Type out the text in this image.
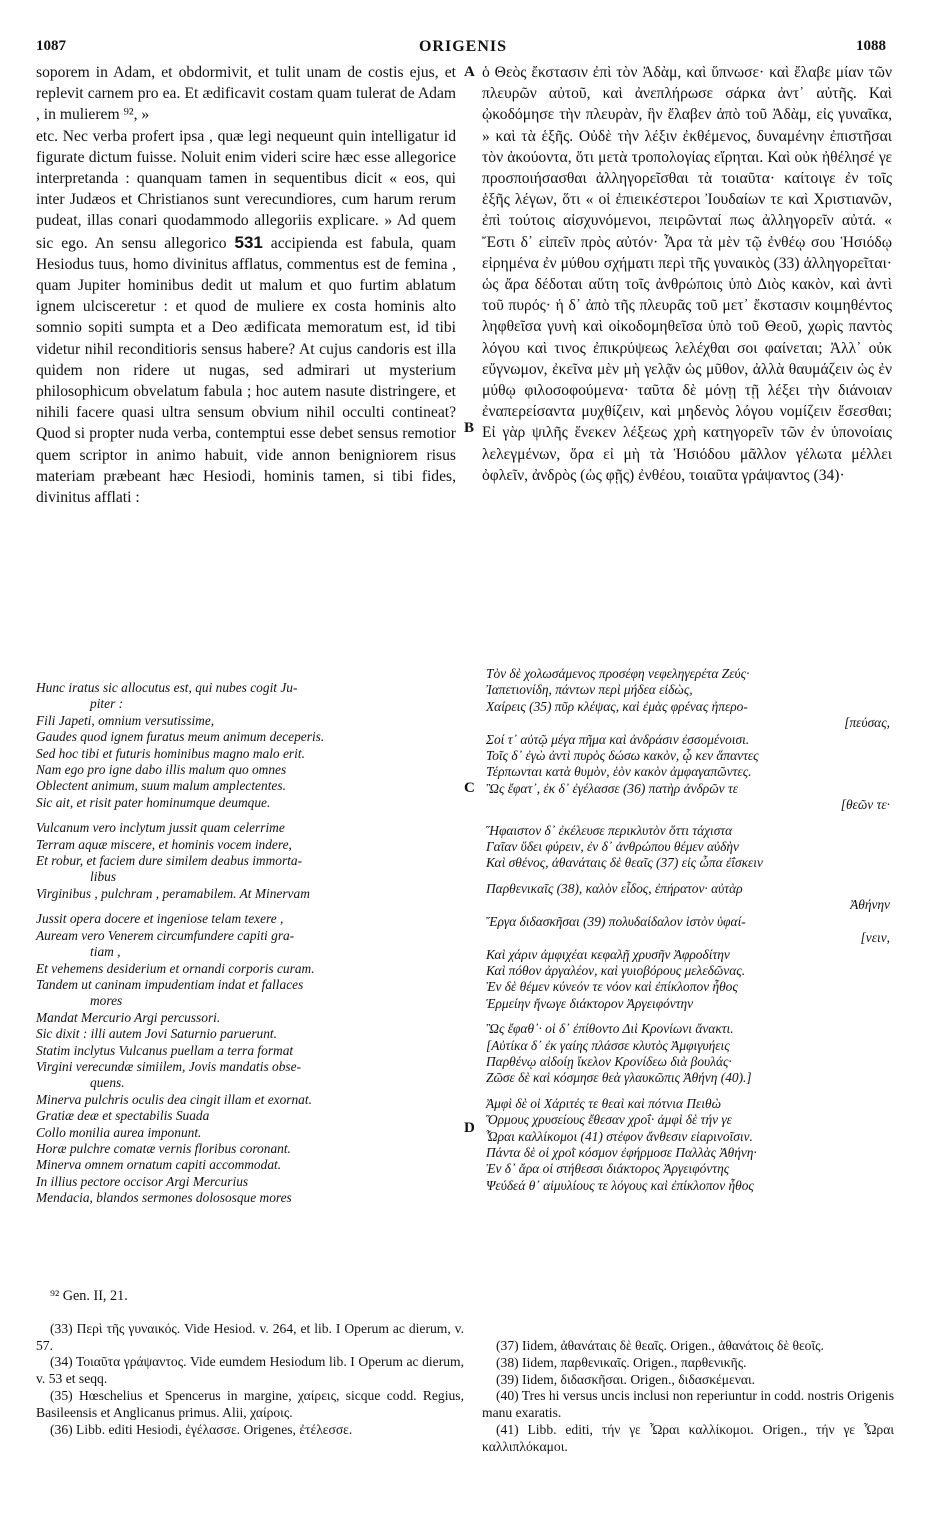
1087	ORIGENIS	1088

soporem in Adam, et obdormivit, et tulit unam de costis ejus, et replevit carnem pro ea. Et ædificavit costam quam tulerat de Adam , in mulierem ⁹², »

etc. Nec verba profert ipsa , quæ legi nequeunt quin intelligatur id figurate dictum fuisse. Noluit enim videri scire hæc esse allegorice interpretanda : quanquam tamen in sequentibus dicit « eos, qui inter Judæos et Christianos sunt verecundiores, cum harum rerum pudeat, illas conari quodammodo allegoriis explicare. » Ad quem sic ego. An sensu allegorico 531 accipienda est fabula, quam Hesiodus tuus, homo divinitus afflatus, commentus est de femina , quam Jupiter hominibus dedit ut malum et quo furtim ablatum ignem ulcisceretur : et quod de muliere ex costa hominis alto somnio sopiti sumpta et a Deo ædificata memoratum est, id tibi videtur nihil reconditioris sensus habere? At cujus candoris est illa quidem non ridere ut nugas, sed admirari ut mysterium philosophicum obvelatum fabula ; hoc autem nasute distringere, et nihili facere quasi ultra sensum obvium nihil occulti contineat? Quod si propter nuda verba, contemptui esse debet sensus remotior quem scriptor in animo habuit, vide annon benigniorem risus materiam præbeant hæc Hesiodi, hominis tamen, si tibi fides, divinitus afflati :

ὁ Θεὸς ἔκστασιν ἐπὶ τὸν Ἀδὰμ, καὶ ὕπνωσε· καὶ ἔλαβε μίαν τῶν πλευρῶν αὐτοῦ, καὶ ἀνεπλήρωσε σάρκα ἀντ᾽ αὐτῆς. Καὶ ᾠκοδόμησε τὴν πλευρὰν, ἣν ἔλαβεν ἀπὸ τοῦ Ἀδὰμ, εἰς γυναῖκα, » καὶ τὰ ἑξῆς. Οὐδὲ τὴν λέξιν ἐκθέμενος, δυναμένην ἐπιστῆσαι τὸν ἀκούοντα, ὅτι μετὰ τροπολογίας εἴρηται. Καὶ οὐκ ἠθέλησέ γε προσποιήσασθαι ἀλληγορεῖσθαι τὰ τοιαῦτα· καίτοιγε ἐν τοῖς ἑξῆς λέγων, ὅτι « οἱ ἐπιεικέστεροι Ἰουδαίων τε καὶ Χριστιανῶν, ἐπὶ τούτοις αἰσχυνόμενοι, πειρῶνταί πως ἀλληγορεῖν αὐτά. « Ἔστι δ᾽ εἰπεῖν πρὸς αὐτόν· Ἆρα τὰ μὲν τῷ ἐνθέῳ σου Ἡσιόδῳ εἰρημένα ἐν μύθου σχήματι περὶ τῆς γυναικὸς (33) ἀλληγορεῖται· ὡς ἄρα δέδοται αὕτη τοῖς ἀνθρώποις ὑπὸ Διὸς κακὸν, καὶ ἀντὶ τοῦ πυρός· ἡ δ᾽ ἀπὸ τῆς πλευρᾶς τοῦ μετ᾽ ἔκστασιν κοιμηθέντος ληφθεῖσα γυνὴ καὶ οἰκοδομηθεῖσα ὑπὸ τοῦ Θεοῦ, χωρὶς παντὸς λόγου καὶ τινος ἐπικρύψεως λελέχθαι σοι φαίνεται; Ἀλλ᾽ οὐκ εὔγνωμον, ἐκεῖνα μὲν μὴ γελᾷν ὡς μῦθον, ἀλλὰ θαυμάζειν ὡς ἐν μύθῳ φιλοσοφούμενα· ταῦτα δὲ μόνῃ τῇ λέξει τὴν διάνοιαν ἐναπερείσαντα μυχθίζειν, καὶ μηδενὸς λόγου νομίζειν ἔσεσθαι; Εἰ γὰρ ψιλῆς ἕνεκεν λέξεως χρὴ κατηγορεῖν τῶν ἐν ὑπονοίαις λελεγμένων, ὅρα εἰ μὴ τὰ Ἡσιόδου μᾶλλον γέλωτα μέλλει ὀφλεῖν, ἀνδρὸς (ὡς φῇς) ἐνθέου, τοιαῦτα γράψαντος (34)·

A
B
C
D

Hunc iratus sic allocutus est, qui nubes cogit Ju-

piter :

Fili Japeti, omnium versutissime,

Gaudes quod ignem furatus meum animum deceperis.

Sed hoc tibi et futuris hominibus magno malo erit.

Nam ego pro igne dabo illis malum quo omnes

Oblectent animum, suum malum amplectentes.

Sic ait, et risit pater hominumque deumque.

Vulcanum vero inclytum jussit quam celerrime

Terram aquæ miscere, et hominis vocem indere,

Et robur, et faciem dure similem deabus immorta-

libus

Virginibus , pulchram , peramabilem. At Minervam

Jussit opera docere et ingeniose telam texere ,

Auream vero Venerem circumfundere capiti gra-

tiam ,

Et vehemens desiderium et ornandi corporis curam.

Tandem ut caninam impudentiam indat et fallaces

mores

Mandat Mercurio Argi percussori.

Sic dixit : illi autem Jovi Saturnio paruerunt.

Statim inclytus Vulcanus puellam a terra format

Virgini verecundæ simiilem, Jovis mandatis obse-

quens.

Minerva pulchris oculis dea cingit illam et exornat.

Gratiæ deæ et spectabilis Suada

Collo monilia aurea imponunt.

Horæ pulchre comatæ vernis floribus coronant.

Minerva omnem ornatum capiti accommodat.

In illius pectore occisor Argi Mercurius

Mendacia, blandos sermones dolososque mores

Τὸν δὲ χολωσάμενος προσέφη νεφεληγερέτα Ζεύς·

Ἰαπετιονίδη, πάντων περὶ μήδεα εἰδὼς,

Χαίρεις (35) πῦρ κλέψας, καὶ ἐμὰς φρένας ἠπερο-

[πεύσας,

Σοί τ᾽ αὐτῷ μέγα πῆμα καὶ ἀνδράσιν ἐσσομένοισι.

Τοῖς δ᾽ ἐγὼ ἀντὶ πυρὸς δώσω κακὸν, ᾧ κεν ἅπαντες

Τέρπωνται κατὰ θυμὸν, ἑὸν κακὸν ἀμφαγαπῶντες.

Ὣς ἔφατ᾽, ἐκ δ᾽ ἐγέλασσε (36) πατὴρ ἀνδρῶν τε

[θεῶν τε·

Ἥφαιστον δ᾽ ἐκέλευσε περικλυτὸν ὅττι τάχιστα

Γαῖαν ὕδει φύρειν, ἐν δ᾽ ἀνθρώπου θέμεν αὐδὴν

Καὶ σθένος, ἀθανάταις δὲ θεαῖς (37) εἰς ὦπα ἐΐσκειν

Παρθενικαῖς (38), καλὸν εἶδος, ἐπήρατον· αὐτὰρ

Ἀθήνην

Ἔργα διδασκῆσαι (39) πολυδαίδαλον ἱστὸν ὑφαί-

[νειν,

Καὶ χάριν ἀμφιχέαι κεφαλῇ χρυσῆν Ἀφροδίτην

Καὶ πόθον ἀργαλέον, καὶ γυιοβόρους μελεδῶνας.

Ἐν δὲ θέμεν κύνεόν τε νόον καὶ ἐπίκλοπον ἦθος

Ἑρμείην ἤνωγε διάκτορον Ἀργειφόντην

Ὣς ἔφαθ᾽· οἱ δ᾽ ἐπίθοντο Διὶ Κρονίωνι ἄνακτι.

[Αὐτίκα δ᾽ ἐκ γαίης πλάσσε κλυτὸς Ἀμφιγυήεις

Παρθένῳ αἰδοίῃ ἴκελον Κρονίδεω διὰ βουλάς·

Ζῶσε δὲ καὶ κόσμησε θεὰ γλαυκῶπις Ἀθήνη (40).]

Ἀμφὶ δὲ οἱ Χάριτές τε θεαὶ καὶ πότνια Πειθὼ

Ὅρμους χρυσείους ἔθεσαν χροΐ· ἀμφὶ δὲ τήν γε

Ὧραι καλλίκομοι (41) στέφον ἄνθεσιν εἰαρινοῖσιν.

Πάντα δὲ οἱ χροῒ κόσμον ἐφήρμοσε Παλλὰς Ἀθήνη·

Ἐν δ᾽ ἄρα οἱ στήθεσσι διάκτορος Ἀργειφόντης

Ψεύδεά θ᾽ αἱμυλίους τε λόγους καὶ ἐπίκλοπον ἦθος

⁹² Gen. II, 21.

(33) Περὶ τῆς γυναικός. Vide Hesiod. v. 264, et lib. I Operum ac dierum, v. 57.

(34) Τοιαῦτα γράψαντος. Vide eumdem Hesiodum lib. I Operum ac dierum, v. 53 et seqq.

(35) Hœschelius et Spencerus in margine, χαίρεις, sicque codd. Regius, Basileensis et Anglicanus primus. Alii, χαίροις.

(36) Libb. editi Hesiodi, ἐγέλασσε. Origenes, ἐτέλεσσε.

(37) Iidem, ἀθανάταις δὲ θεαῖς. Origen., ἀθανάτοις δὲ θεοῖς.

(38) Iidem, παρθενικαῖς. Origen., παρθενικῆς.

(39) Iidem, διδασκῆσαι. Origen., διδασκέμεναι.

(40) Tres hi versus uncis inclusi non reperiuntur in codd. nostris Origenis manu exaratis.

(41) Libb. editi, τήν γε Ὧραι καλλίκομοι. Origen., τήν γε Ὧραι καλλιπλόκαμοι.
